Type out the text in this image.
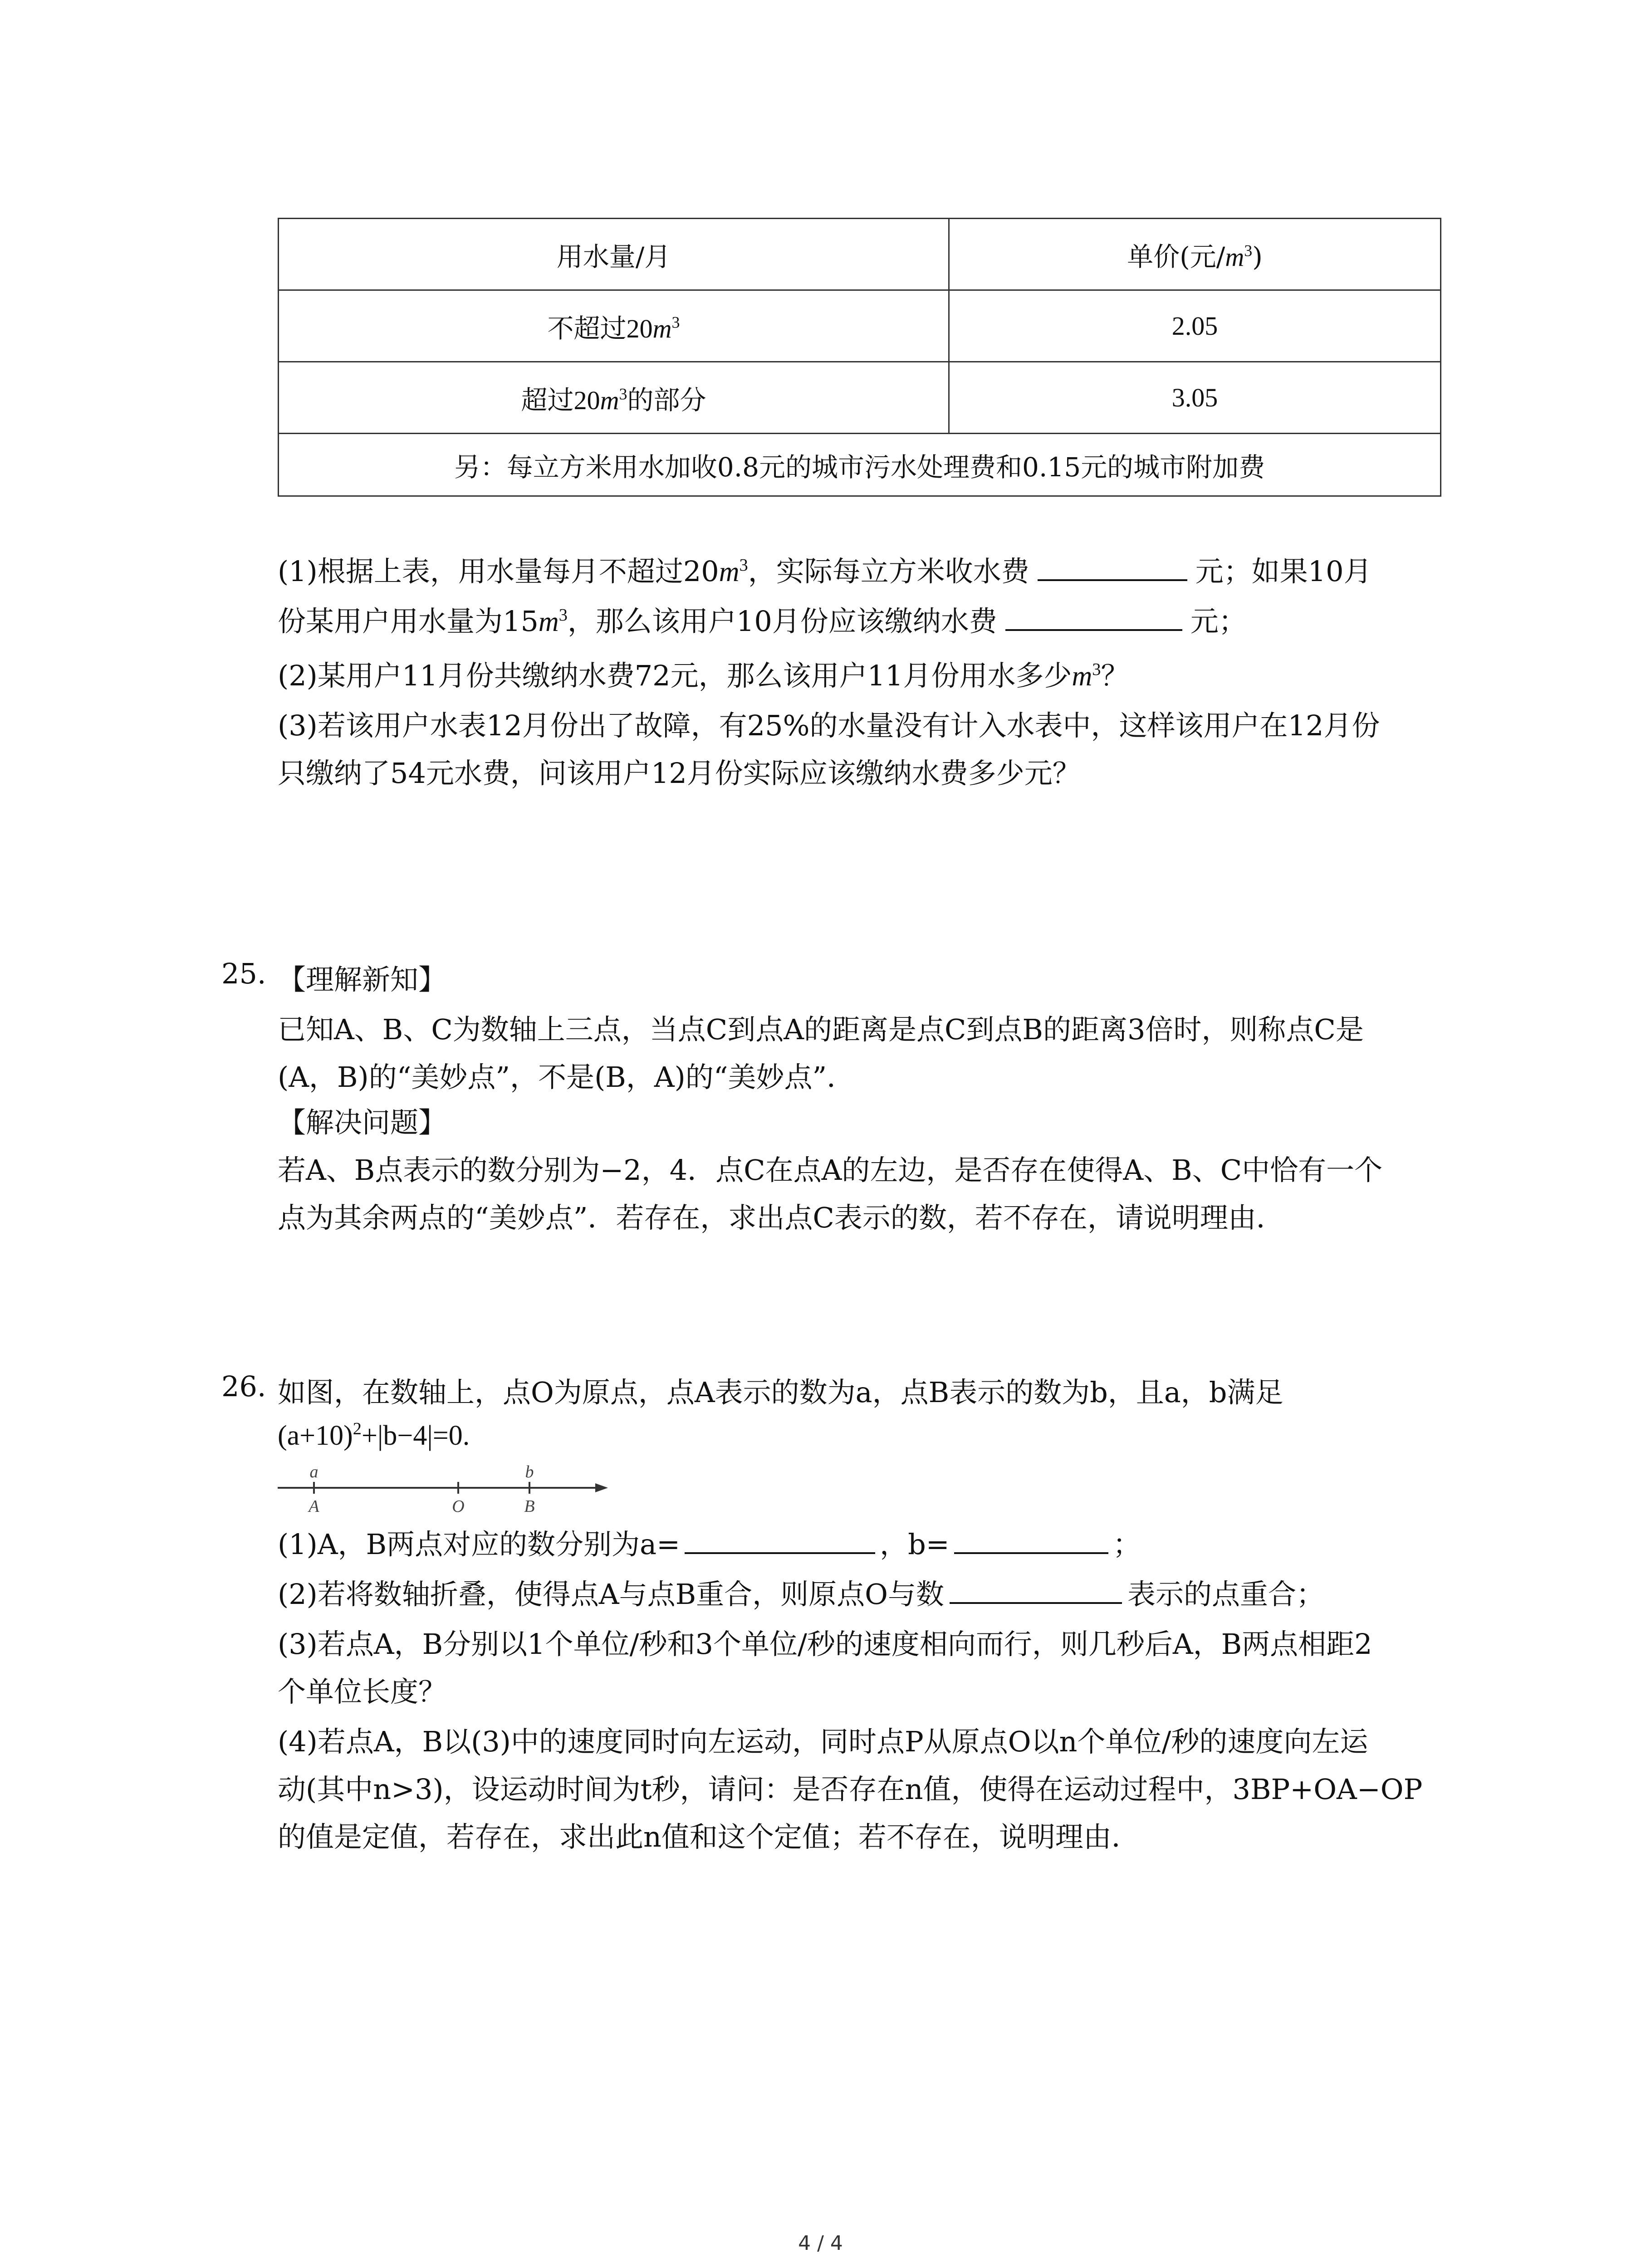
用水量/月	单价(元$/m^3$)
不超过$20m^3$	2.05
超过$20m^3$的部分	3.05
另：每立方米用水加收0.8元的城市污水处理费和0.15元的城市附加费	
(1)根据上表，用水量每月不超过$20m^3$，实际每立方米收水费	元；如果10月
份某用户用水量为$15m^3$，那么该用户10月份应该缴纳水费	元；
(2)某用户11月份共缴纳水费72元，那么该用户11月份用水多少$m^3$？
(3)若该用户水表12月份出了故障，有25%的水量没有计入水表中，这样该用户在12月份
只缴纳了54元水费，问该用户12月份实际应该缴纳水费多少元？
25. 【理解新知】
已知A、B、C为数轴上三点，当点C到点A的距离是点C到点B的距离3倍时，则称点C是
(A，B)的“美妙点”，不是(B，A)的“美妙点”．
【解决问题】
若A、B点表示的数分别为−2，4．点C在点A的左边，是否存在使得A、B、C中恰有一个
点为其余两点的“美妙点”．若存在，求出点C表示的数，若不存在，请说明理由．
26. 如图，在数轴上，点O为原点，点A表示的数为a，点B表示的数为b，且a，b满足
$(a+10)^2+|b-4|=0$.
a	b
A	O	B
(1)A，B两点对应的数分别为a=	，b=	；
(2)若将数轴折叠，使得点A与点B重合，则原点O与数	表示的点重合；
(3)若点A，B分别以1个单位/秒和3个单位/秒的速度相向而行，则几秒后A，B两点相距2
个单位长度？
(4)若点A，B以(3)中的速度同时向左运动，同时点P从原点O以n个单位/秒的速度向左运
动(其中n>3)，设运动时间为t秒，请问：是否存在n值，使得在运动过程中，3BP+OA−OP
的值是定值，若存在，求出此n值和这个定值；若不存在，说明理由．
4 / 4
